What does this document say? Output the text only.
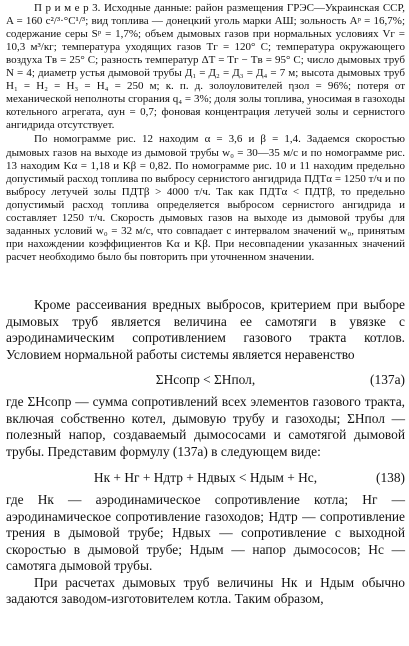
П р и м е р 3. Исходные данные: район размещения ГРЭС—Украинская ССР, A = 160 с²/³·°С¹/³; вид топлива — донецкий уголь марки АШ; зольность Aᵖ = 16,7%; содержание серы Sᵖ = 1,7%; объем дымовых газов при нормальных условиях Vг = 10,3 м³/кг; температура уходящих газов Tг = 120° С; температура окружающего воздуха Tв = 25° С; разность температур ΔT = Tг − Tв = 95° С; число дымовых труб N = 4; диаметр устья дымовой трубы Д₁ = Д₂ = Д₃ = Д₄ = 7 м; высота дымовых труб H₁ = H₂ = H₃ = H₄ = 250 м; к. п. д. золоуловителей ηзол = 96%; потеря от механической неполноты сгорания q₄ = 3%; доля золы топлива, уносимая в газоходы котельного агрегата, αун = 0,7; фоновая концентрация летучей золы и сернистого ангидрида отсутствует.

По номограмме рис. 12 находим α = 3,6 и β = 1,4. Задаемся скоростью дымовых газов на выходе из дымовой трубы w₀ = 30—35 м/с и по номограмме рис. 13 находим Kα = 1,18 и Kβ = 0,82. По номограмме рис. 10 и 11 находим предельно допустимый расход топлива по выбросу сернистого ангидрида ПДТα = 1250 т/ч и по выбросу летучей золы ПДТβ > 4000 т/ч. Так как ПДТα < ПДТβ, то предельно допустимый расход топлива определяется выбросом сернистого ангидрида и составляет 1250 т/ч. Скорость дымовых газов на выходе из дымовой трубы для заданных условий w₀ = 32 м/с, что совпадает с интервалом значений w₀, принятым при нахождении коэффициентов Kα и Kβ. При несовпадении указанных значений расчет необходимо было бы повторить при уточненном значении.

Кроме рассеивания вредных выбросов, критерием при выборе дымовых труб является величина ее самотяги в увязке с аэродинамическим сопротивлением газового тракта котлов. Условием нормальной работы системы является неравенство

ΣHсопр < ΣHпол,	(137а)

где ΣHсопр — сумма сопротивлений всех элементов газового тракта, включая собственно котел, дымовую трубу и газоходы; ΣHпол — полезный напор, создаваемый дымососами и самотягой дымовой трубы. Представим формулу (137а) в следующем виде:

Hк + Hг + Hдтр + Hдвых < Hдым + Hс,	(138)

где Hк — аэродинамическое сопротивление котла; Hг — аэродинамическое сопротивление газоходов; Hдтр — сопротивление трения в дымовой трубе; Hдвых — сопротивление с выходной скоростью в дымовой трубе; Hдым — напор дымососов; Hс — самотяга дымовой трубы.

При расчетах дымовых труб величины Hк и Hдым обычно задаются заводом-изготовителем котла. Таким образом,
